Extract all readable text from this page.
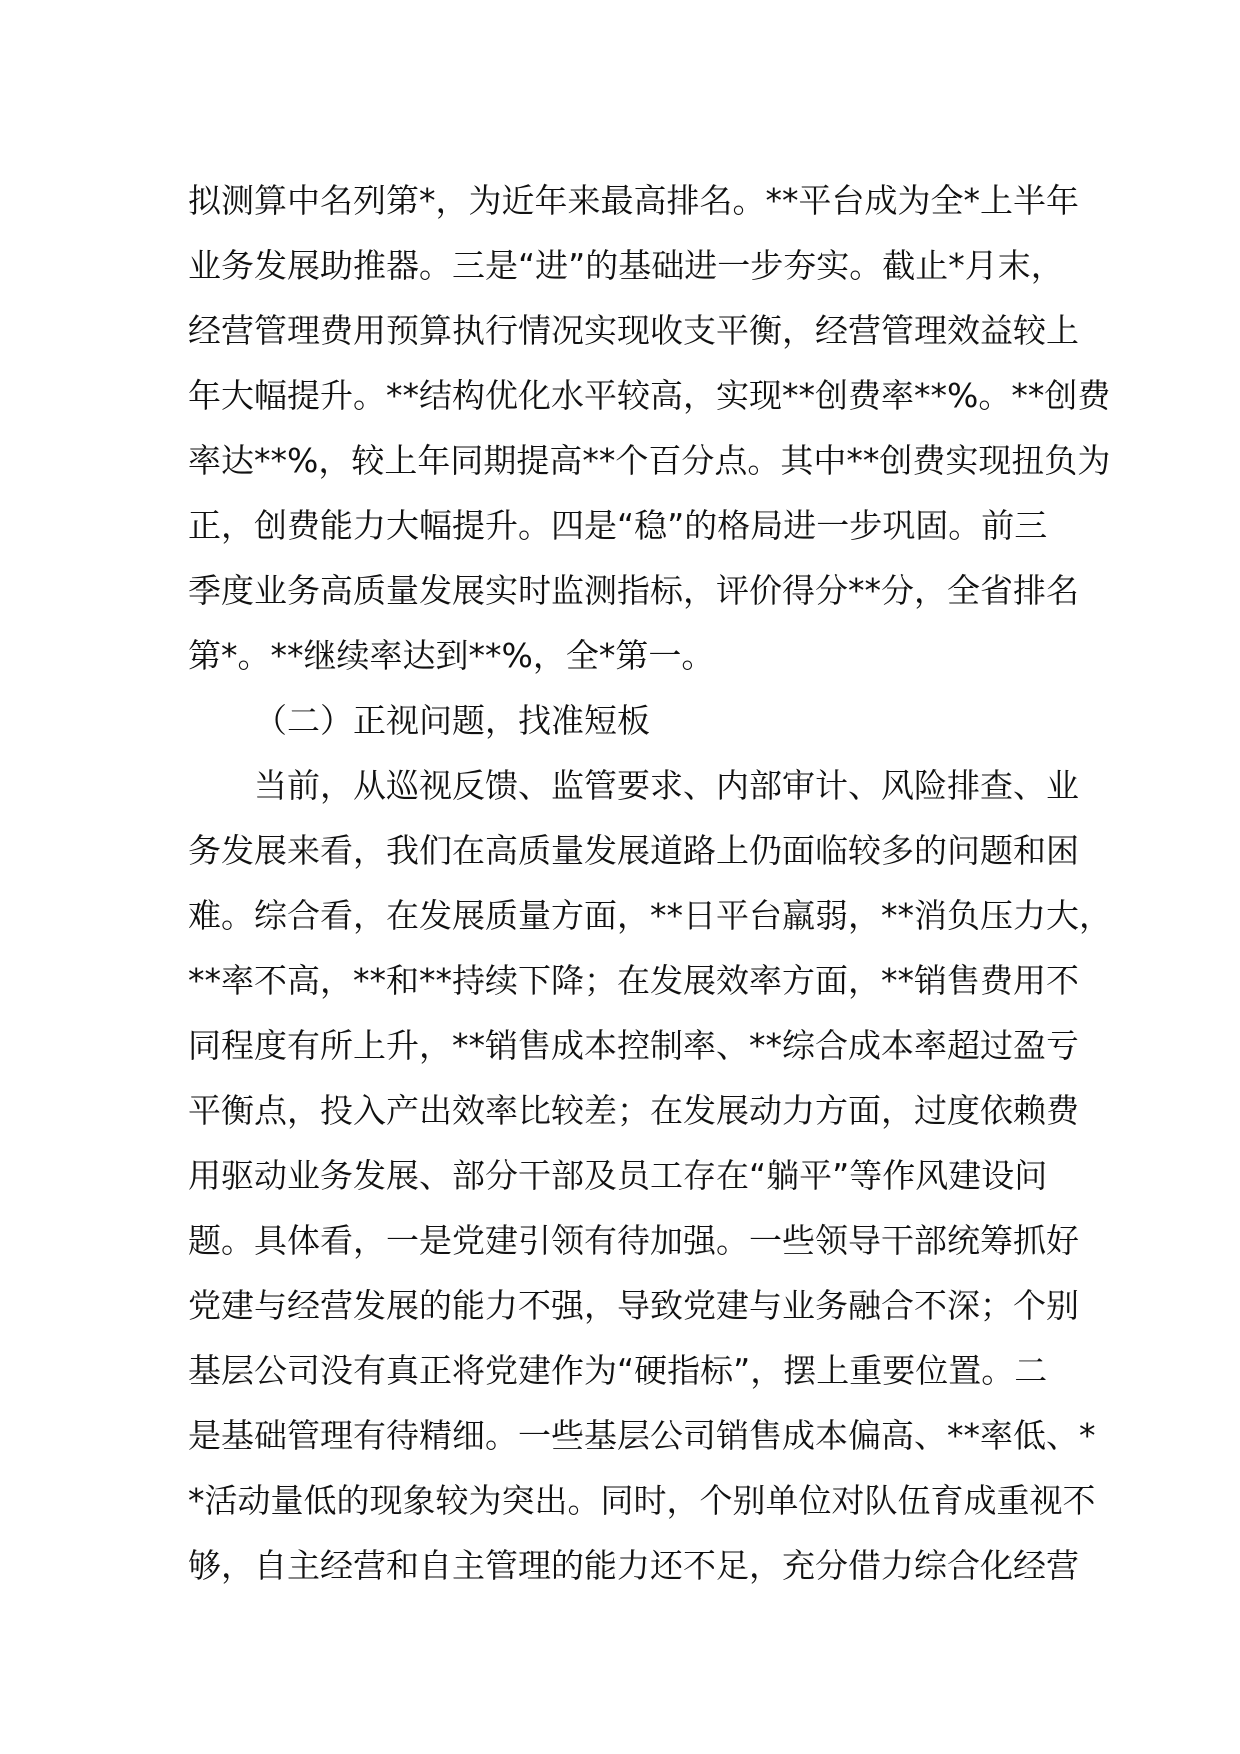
拟测算中名列第*，为近年来最高排名。**平台成为全*上半年
业务发展助推器。三是“进”的基础进一步夯实。截止*月末，
经营管理费用预算执行情况实现收支平衡，经营管理效益较上
年大幅提升。**结构优化水平较高，实现**创费率**%。**创费
率达**%，较上年同期提高**个百分点。其中**创费实现扭负为
正，创费能力大幅提升。四是“稳”的格局进一步巩固。前三
季度业务高质量发展实时监测指标，评价得分**分，全省排名
第*。**继续率达到**%，全*第一。
（二）正视问题，找准短板
当前，从巡视反馈、监管要求、内部审计、风险排查、业
务发展来看，我们在高质量发展道路上仍面临较多的问题和困
难。综合看，在发展质量方面，**日平台羸弱，**消负压力大，
**率不高，**和**持续下降；在发展效率方面，**销售费用不
同程度有所上升，**销售成本控制率、**综合成本率超过盈亏
平衡点，投入产出效率比较差；在发展动力方面，过度依赖费
用驱动业务发展、部分干部及员工存在“躺平”等作风建设问
题。具体看，一是党建引领有待加强。一些领导干部统筹抓好
党建与经营发展的能力不强，导致党建与业务融合不深；个别
基层公司没有真正将党建作为“硬指标”，摆上重要位置。二
是基础管理有待精细。一些基层公司销售成本偏高、**率低、*
*活动量低的现象较为突出。同时，个别单位对队伍育成重视不
够，自主经营和自主管理的能力还不足，充分借力综合化经营
